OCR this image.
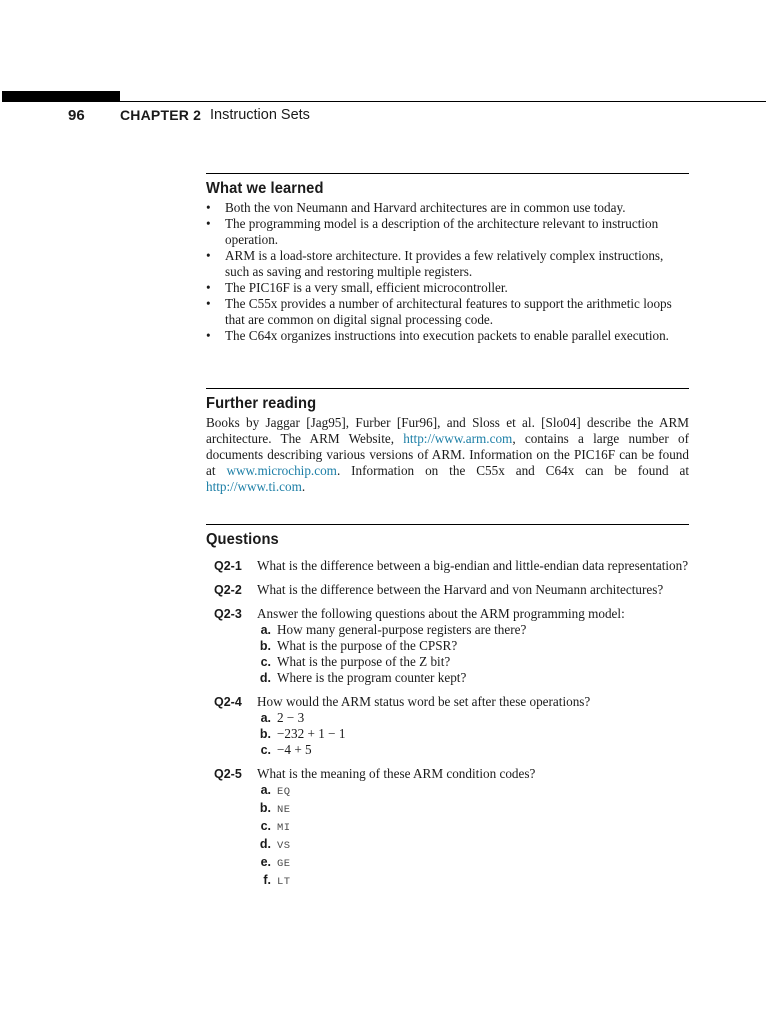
96	CHAPTER 2 Instruction Sets
What we learned
• Both the von Neumann and Harvard architectures are in common use today.
• The programming model is a description of the architecture relevant to instruction operation.
• ARM is a load-store architecture. It provides a few relatively complex instructions, such as saving and restoring multiple registers.
• The PIC16F is a very small, efficient microcontroller.
• The C55x provides a number of architectural features to support the arithmetic loops that are common on digital signal processing code.
• The C64x organizes instructions into execution packets to enable parallel execution.
Further reading

Books by Jaggar [Jag95], Furber [Fur96], and Sloss et al. [Slo04] describe the ARM architecture. The ARM Website, http://www.arm.com, contains a large number of documents describing various versions of ARM. Information on the PIC16F can be found at www.microchip.com. Information on the C55x and C64x can be found at http://www.ti.com.

Questions
Q2-1 What is the difference between a big-endian and little-endian data representation?
Q2-2 What is the difference between the Harvard and von Neumann architectures?
Q2-3 Answer the following questions about the ARM programming model:
a. How many general-purpose registers are there?
b. What is the purpose of the CPSR?
c. What is the purpose of the Z bit?
d. Where is the program counter kept?
Q2-4 How would the ARM status word be set after these operations?
a. 2 − 3
b. −232 + 1 − 1
c. −4 + 5
Q2-5 What is the meaning of these ARM condition codes?
a. EQ
b. NE
c. MI
d. VS
e. GE
f. LT
